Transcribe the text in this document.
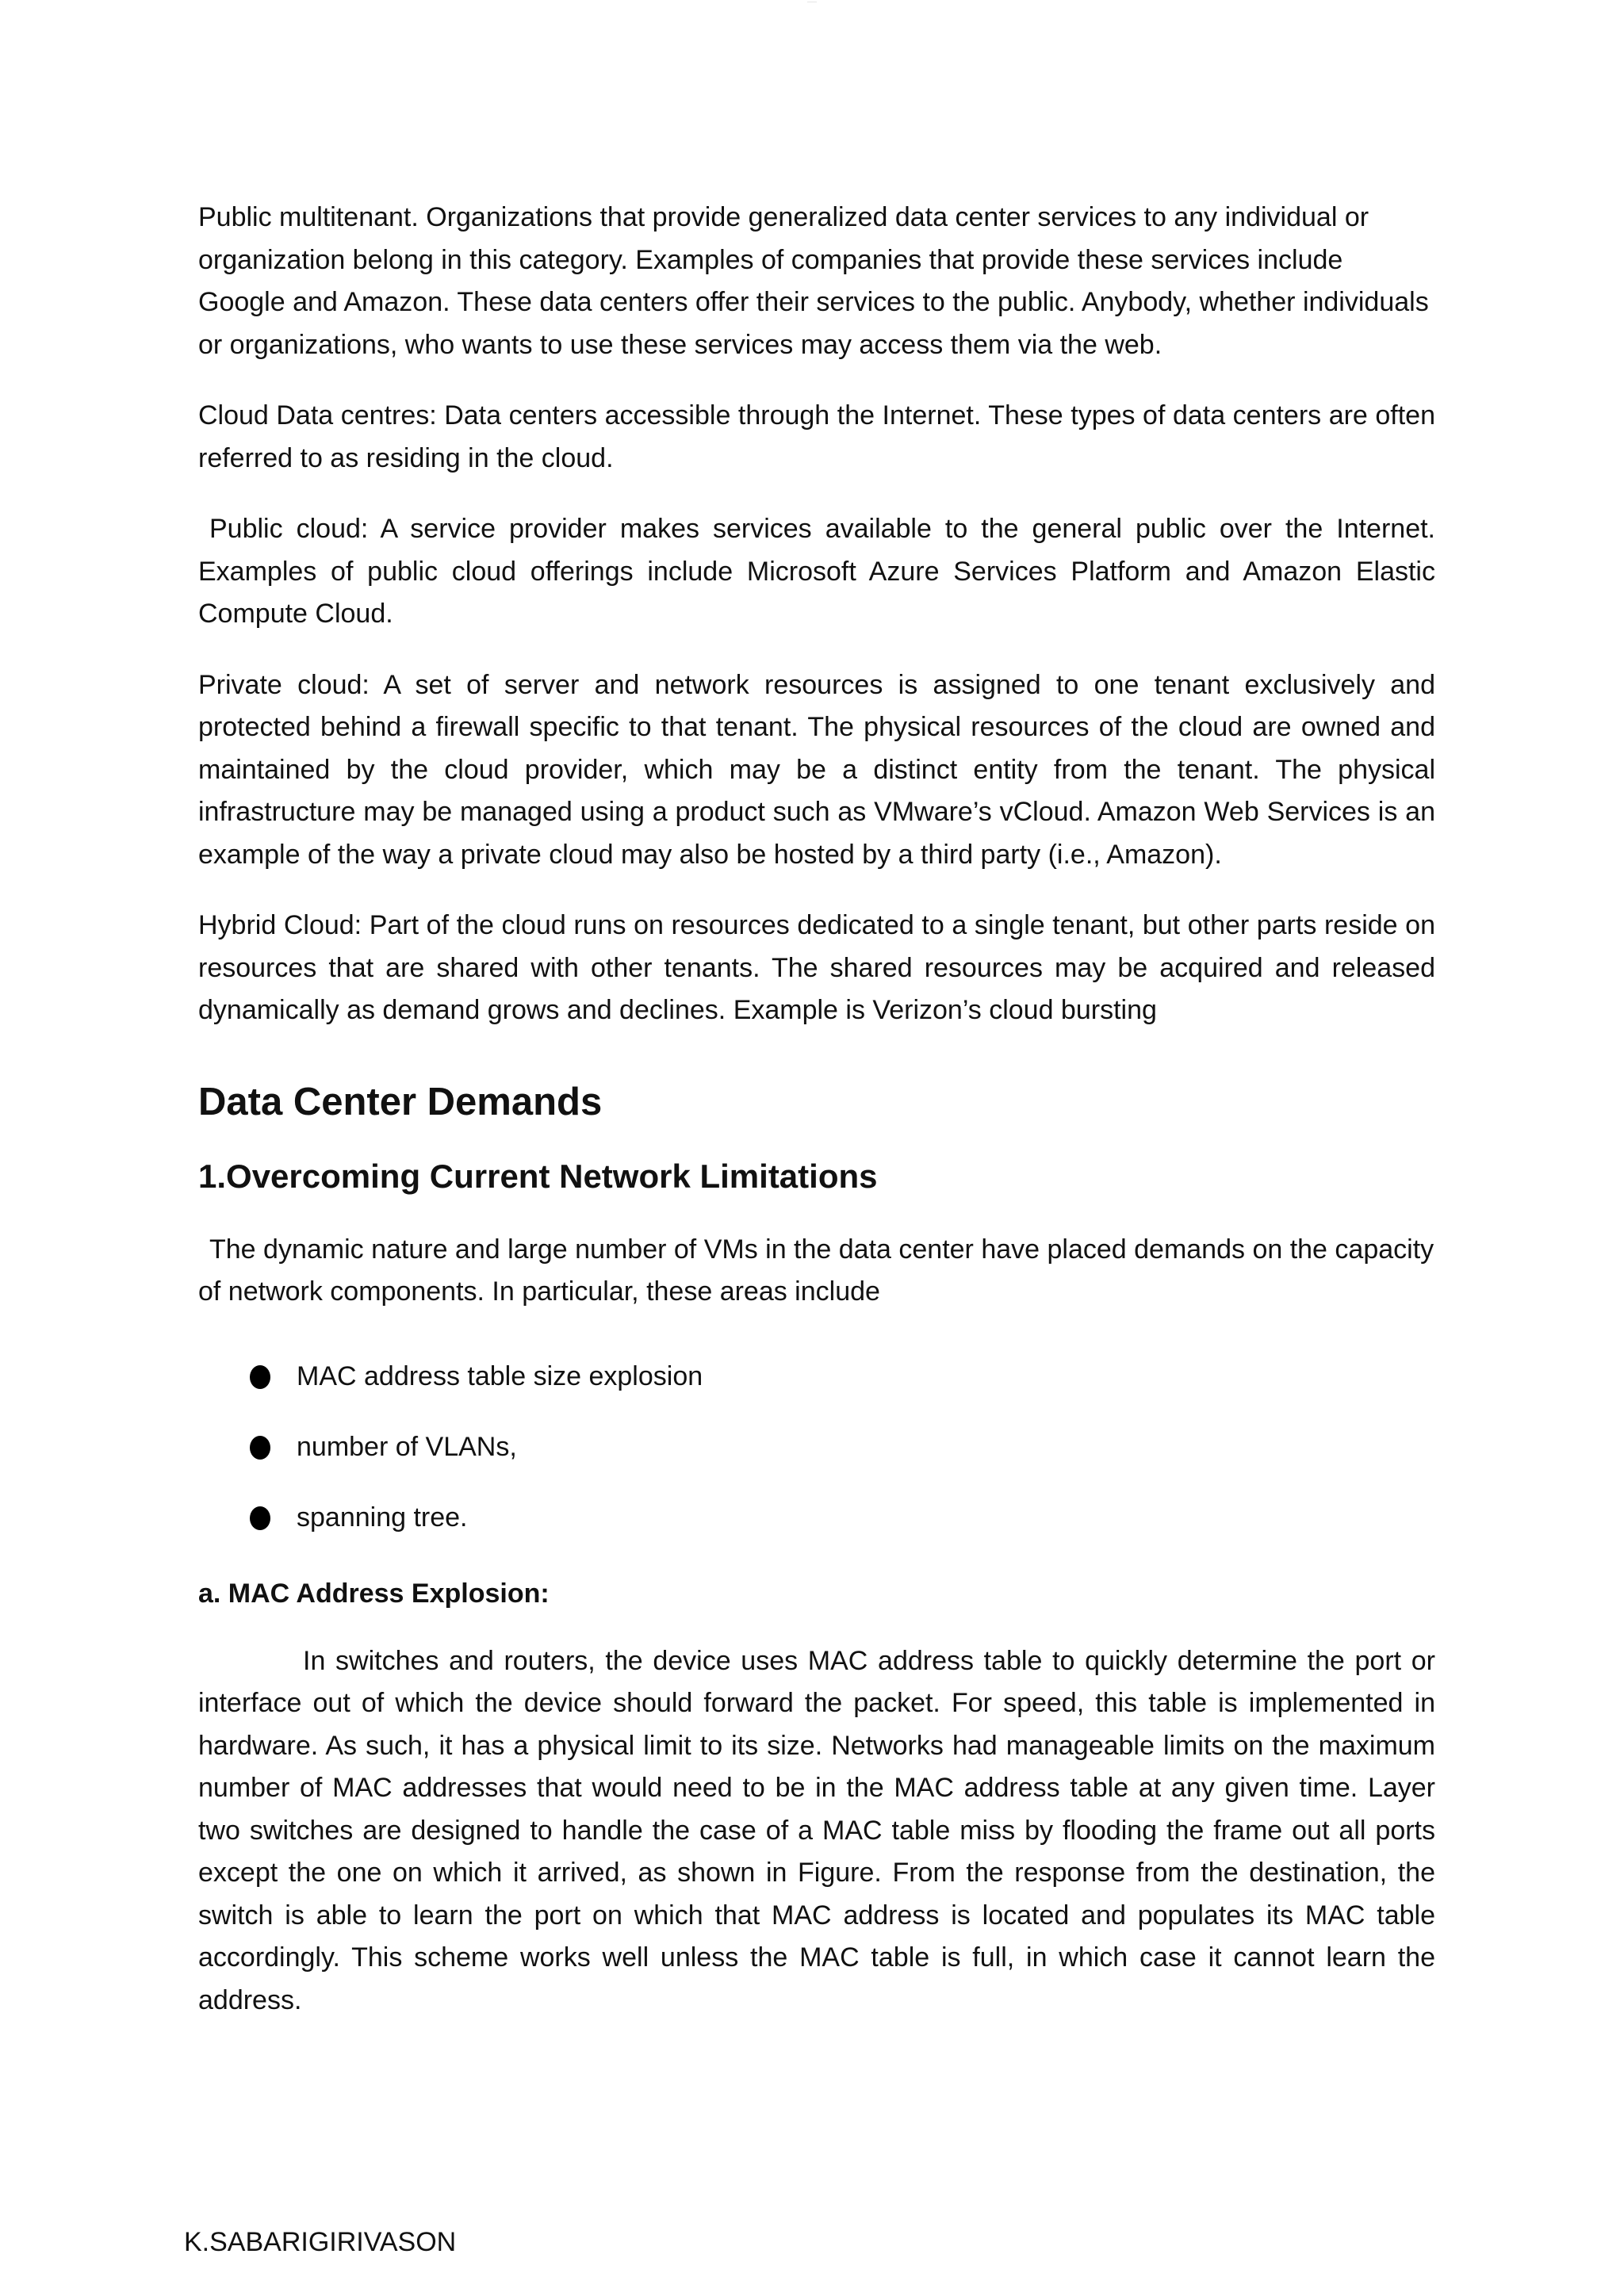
———

Public multitenant. Organizations that provide generalized data center services to any individual or organization belong in this category. Examples of companies that provide these services include Google and Amazon. These data centers offer their services to the public. Anybody, whether individuals or organizations, who wants to use these services may access them via the web.

Cloud Data centres: Data centers accessible through the Internet. These types of data centers are often referred to as residing in the cloud.

Public cloud: A service provider makes services available to the general public over the Internet. Examples of public cloud offerings include Microsoft Azure Services Platform and Amazon Elastic Compute Cloud.

Private cloud: A set of server and network resources is assigned to one tenant exclusively and protected behind a firewall specific to that tenant. The physical resources of the cloud are owned and maintained by the cloud provider, which may be a distinct entity from the tenant. The physical infrastructure may be managed using a product such as VMware’s vCloud. Amazon Web Services is an example of the way a private cloud may also be hosted by a third party (i.e., Amazon).

Hybrid Cloud: Part of the cloud runs on resources dedicated to a single tenant, but other parts reside on resources that are shared with other tenants. The shared resources may be acquired and released dynamically as demand grows and declines. Example is Verizon’s cloud bursting

Data Center Demands
1.Overcoming Current Network Limitations

The dynamic nature and large number of VMs in the data center have placed demands on the capacity of network components. In particular, these areas include

MAC address table size explosion
number of VLANs,
spanning tree.
a. MAC Address Explosion:

In switches and routers, the device uses MAC address table to quickly determine the port or interface out of which the device should forward the packet. For speed, this table is implemented in hardware. As such, it has a physical limit to its size. Networks had manageable limits on the maximum number of MAC addresses that would need to be in the MAC address table at any given time. Layer two switches are designed to handle the case of a MAC table miss by flooding the frame out all ports except the one on which it arrived, as shown in Figure. From the response from the destination, the switch is able to learn the port on which that MAC address is located and populates its MAC table accordingly. This scheme works well unless the MAC table is full, in which case it cannot learn the address.

K.SABARIGIRIVASON
